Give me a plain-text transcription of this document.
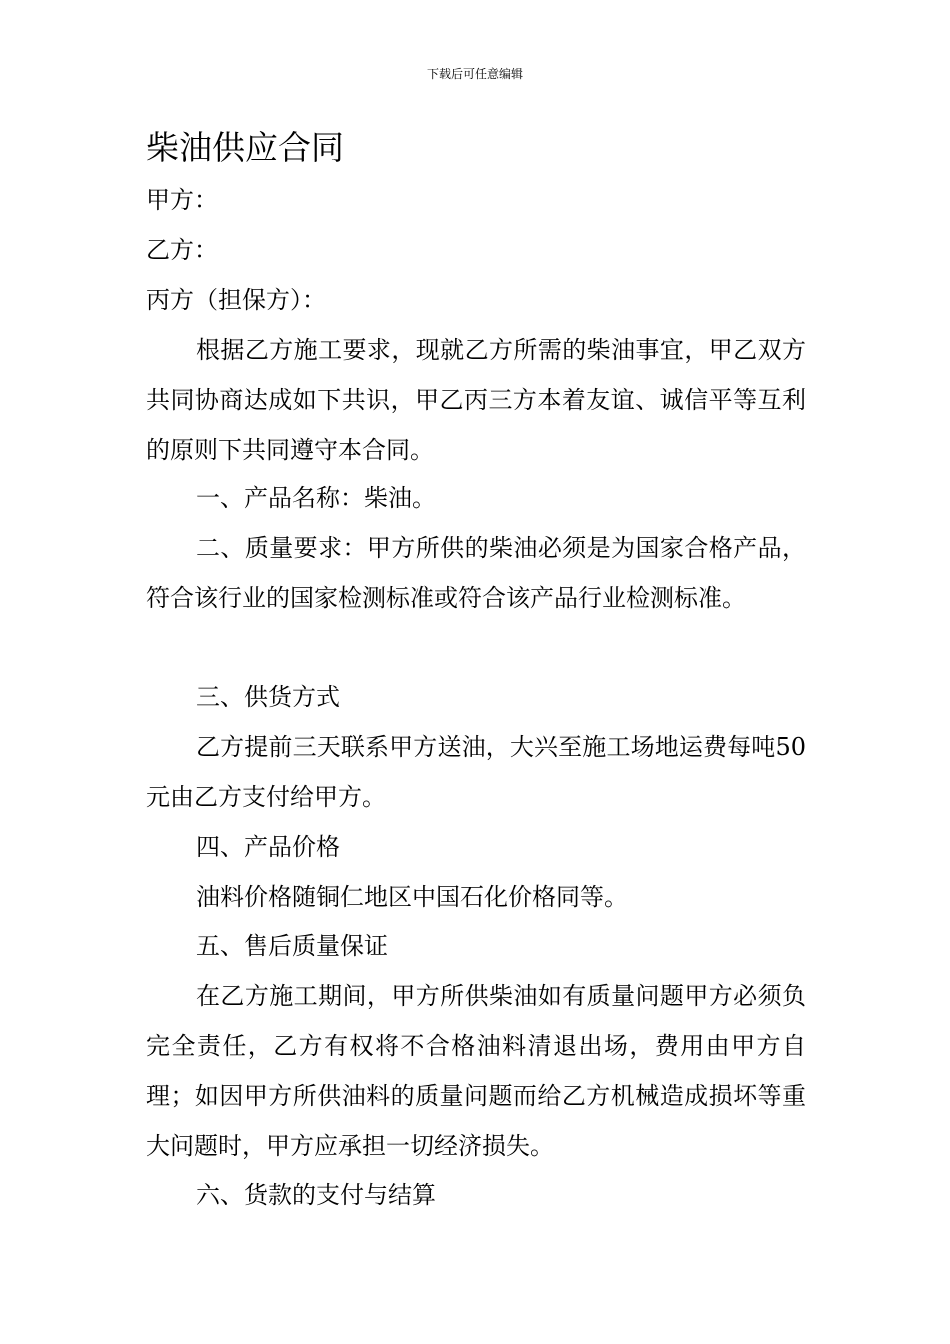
下载后可任意编辑
柴油供应合同
甲方：
乙方：
丙方（担保方）：
根据乙方施工要求，现就乙方所需的柴油事宜，甲乙双方共同协商达成如下共识，甲乙丙三方本着友谊、诚信平等互利的原则下共同遵守本合同。
一、产品名称：柴油。
二、质量要求：甲方所供的柴油必须是为国家合格产品，符合该行业的国家检测标准或符合该产品行业检测标准。
三、供货方式
乙方提前三天联系甲方送油，大兴至施工场地运费每吨50元由乙方支付给甲方。
四、产品价格
油料价格随铜仁地区中国石化价格同等。
五、售后质量保证
在乙方施工期间，甲方所供柴油如有质量问题甲方必须负完全责任，乙方有权将不合格油料清退出场，费用由甲方自理；如因甲方所供油料的质量问题而给乙方机械造成损坏等重大问题时，甲方应承担一切经济损失。
六、货款的支付与结算
